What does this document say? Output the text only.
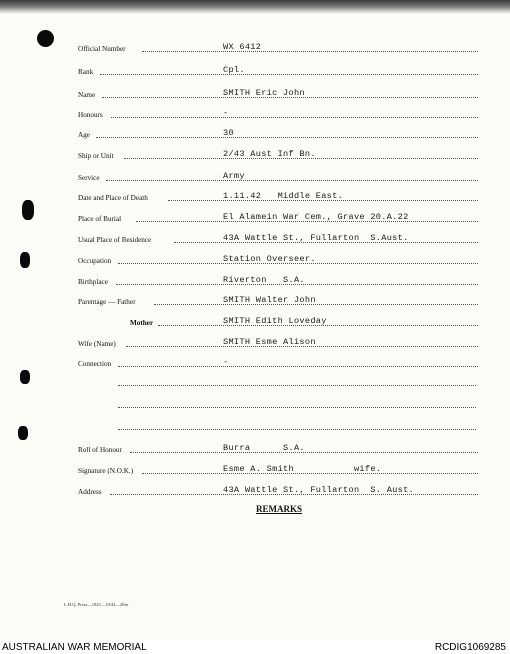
Official Number	WX 6412
Rank	Cpl.
Name	SMITH Eric John
Honours	-
Age	30
Ship or Unit	2/43 Aust Inf Bn.
Service	Army
Date and Place of Death	1.11.42   Middle East.
Place of Burial	El Alamein War Cem., Grave 20.A.22
Usual Place of Residence	43A Wattle St., Fullarton  S.Aust.
Occupation	Station Overseer.
Birthplace	Riverton   S.A.
Parentage — Father	SMITH Walter John
Mother	SMITH Edith Loveday
Wife (Name)	SMITH Esme Alison
Connection	-
Roll of Honour	Burra      S.A.
Signature (N.O.K.)	Esme A. Smith           wife.
Address	43A Wattle St., Fullarton  S. Aust.
REMARKS
L.H.Q. Press—1825—10/44—20m.
AUSTRALIAN WAR MEMORIAL	RCDIG1069285
